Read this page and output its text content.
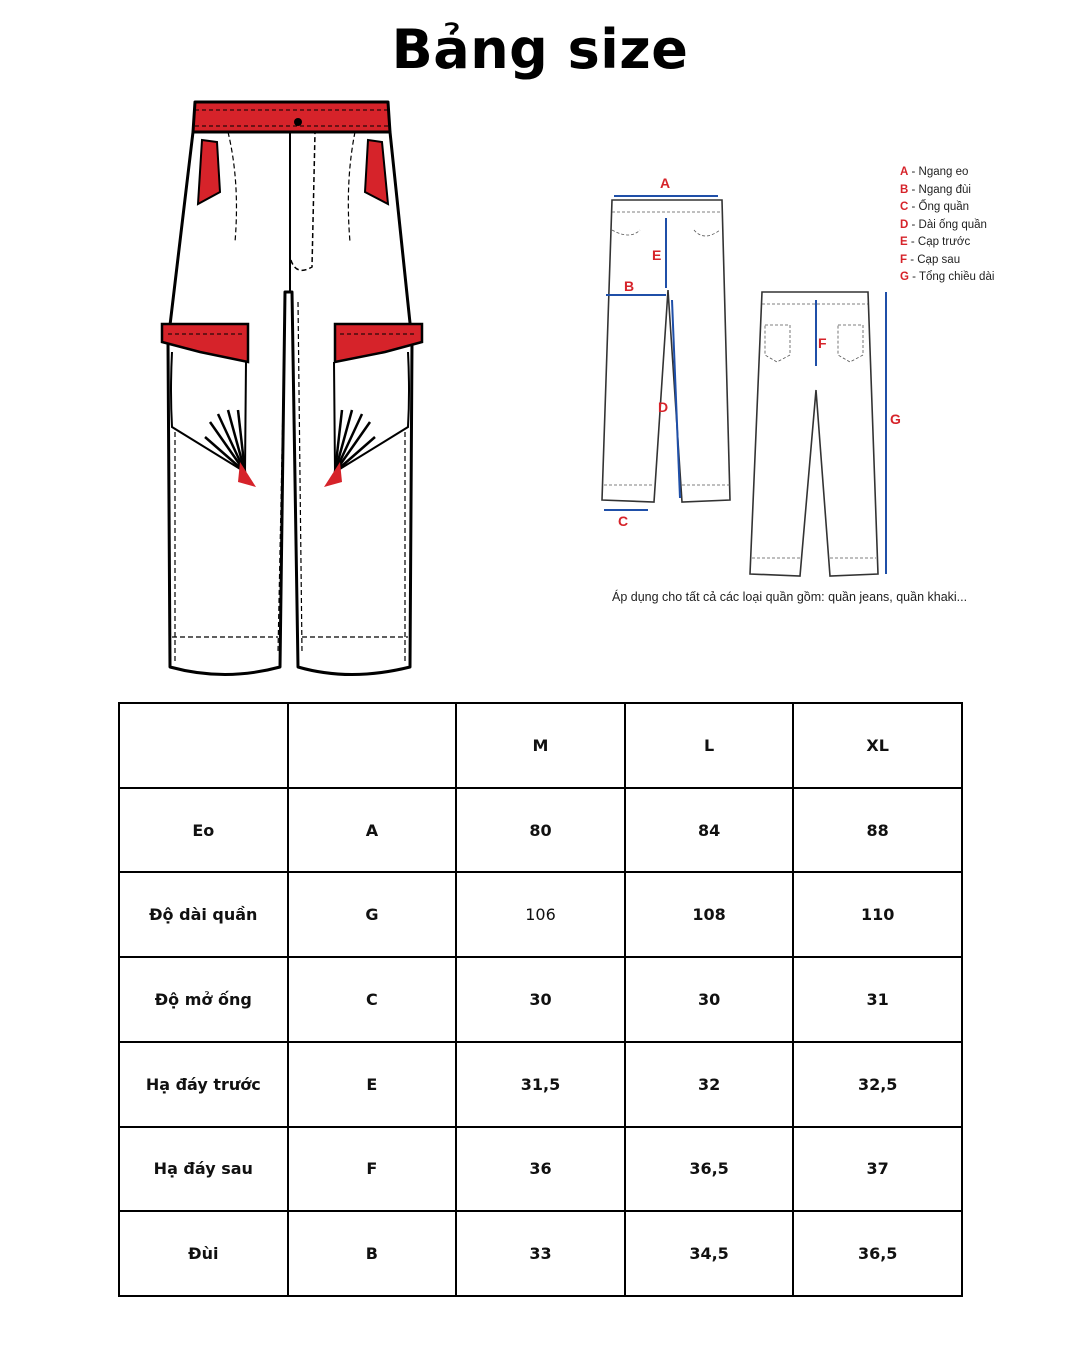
Bảng size
A
B
C
D
E
F
G
A - Ngang eo
B - Ngang đùi
C - Ống quần
D - Dài ống quần
E - Cạp trước
F - Cạp sau
G - Tổng chiều dài
Áp dụng cho tất cả các loại quần gồm: quần jeans, quần khaki...
		M	L	XL
Eo	A	80	84	88
Độ dài quần	G	106	108	110
Độ mở ống	C	30	30	31
Hạ đáy trước	E	31,5	32	32,5
Hạ đáy sau	F	36	36,5	37
Đùi	B	33	34,5	36,5
